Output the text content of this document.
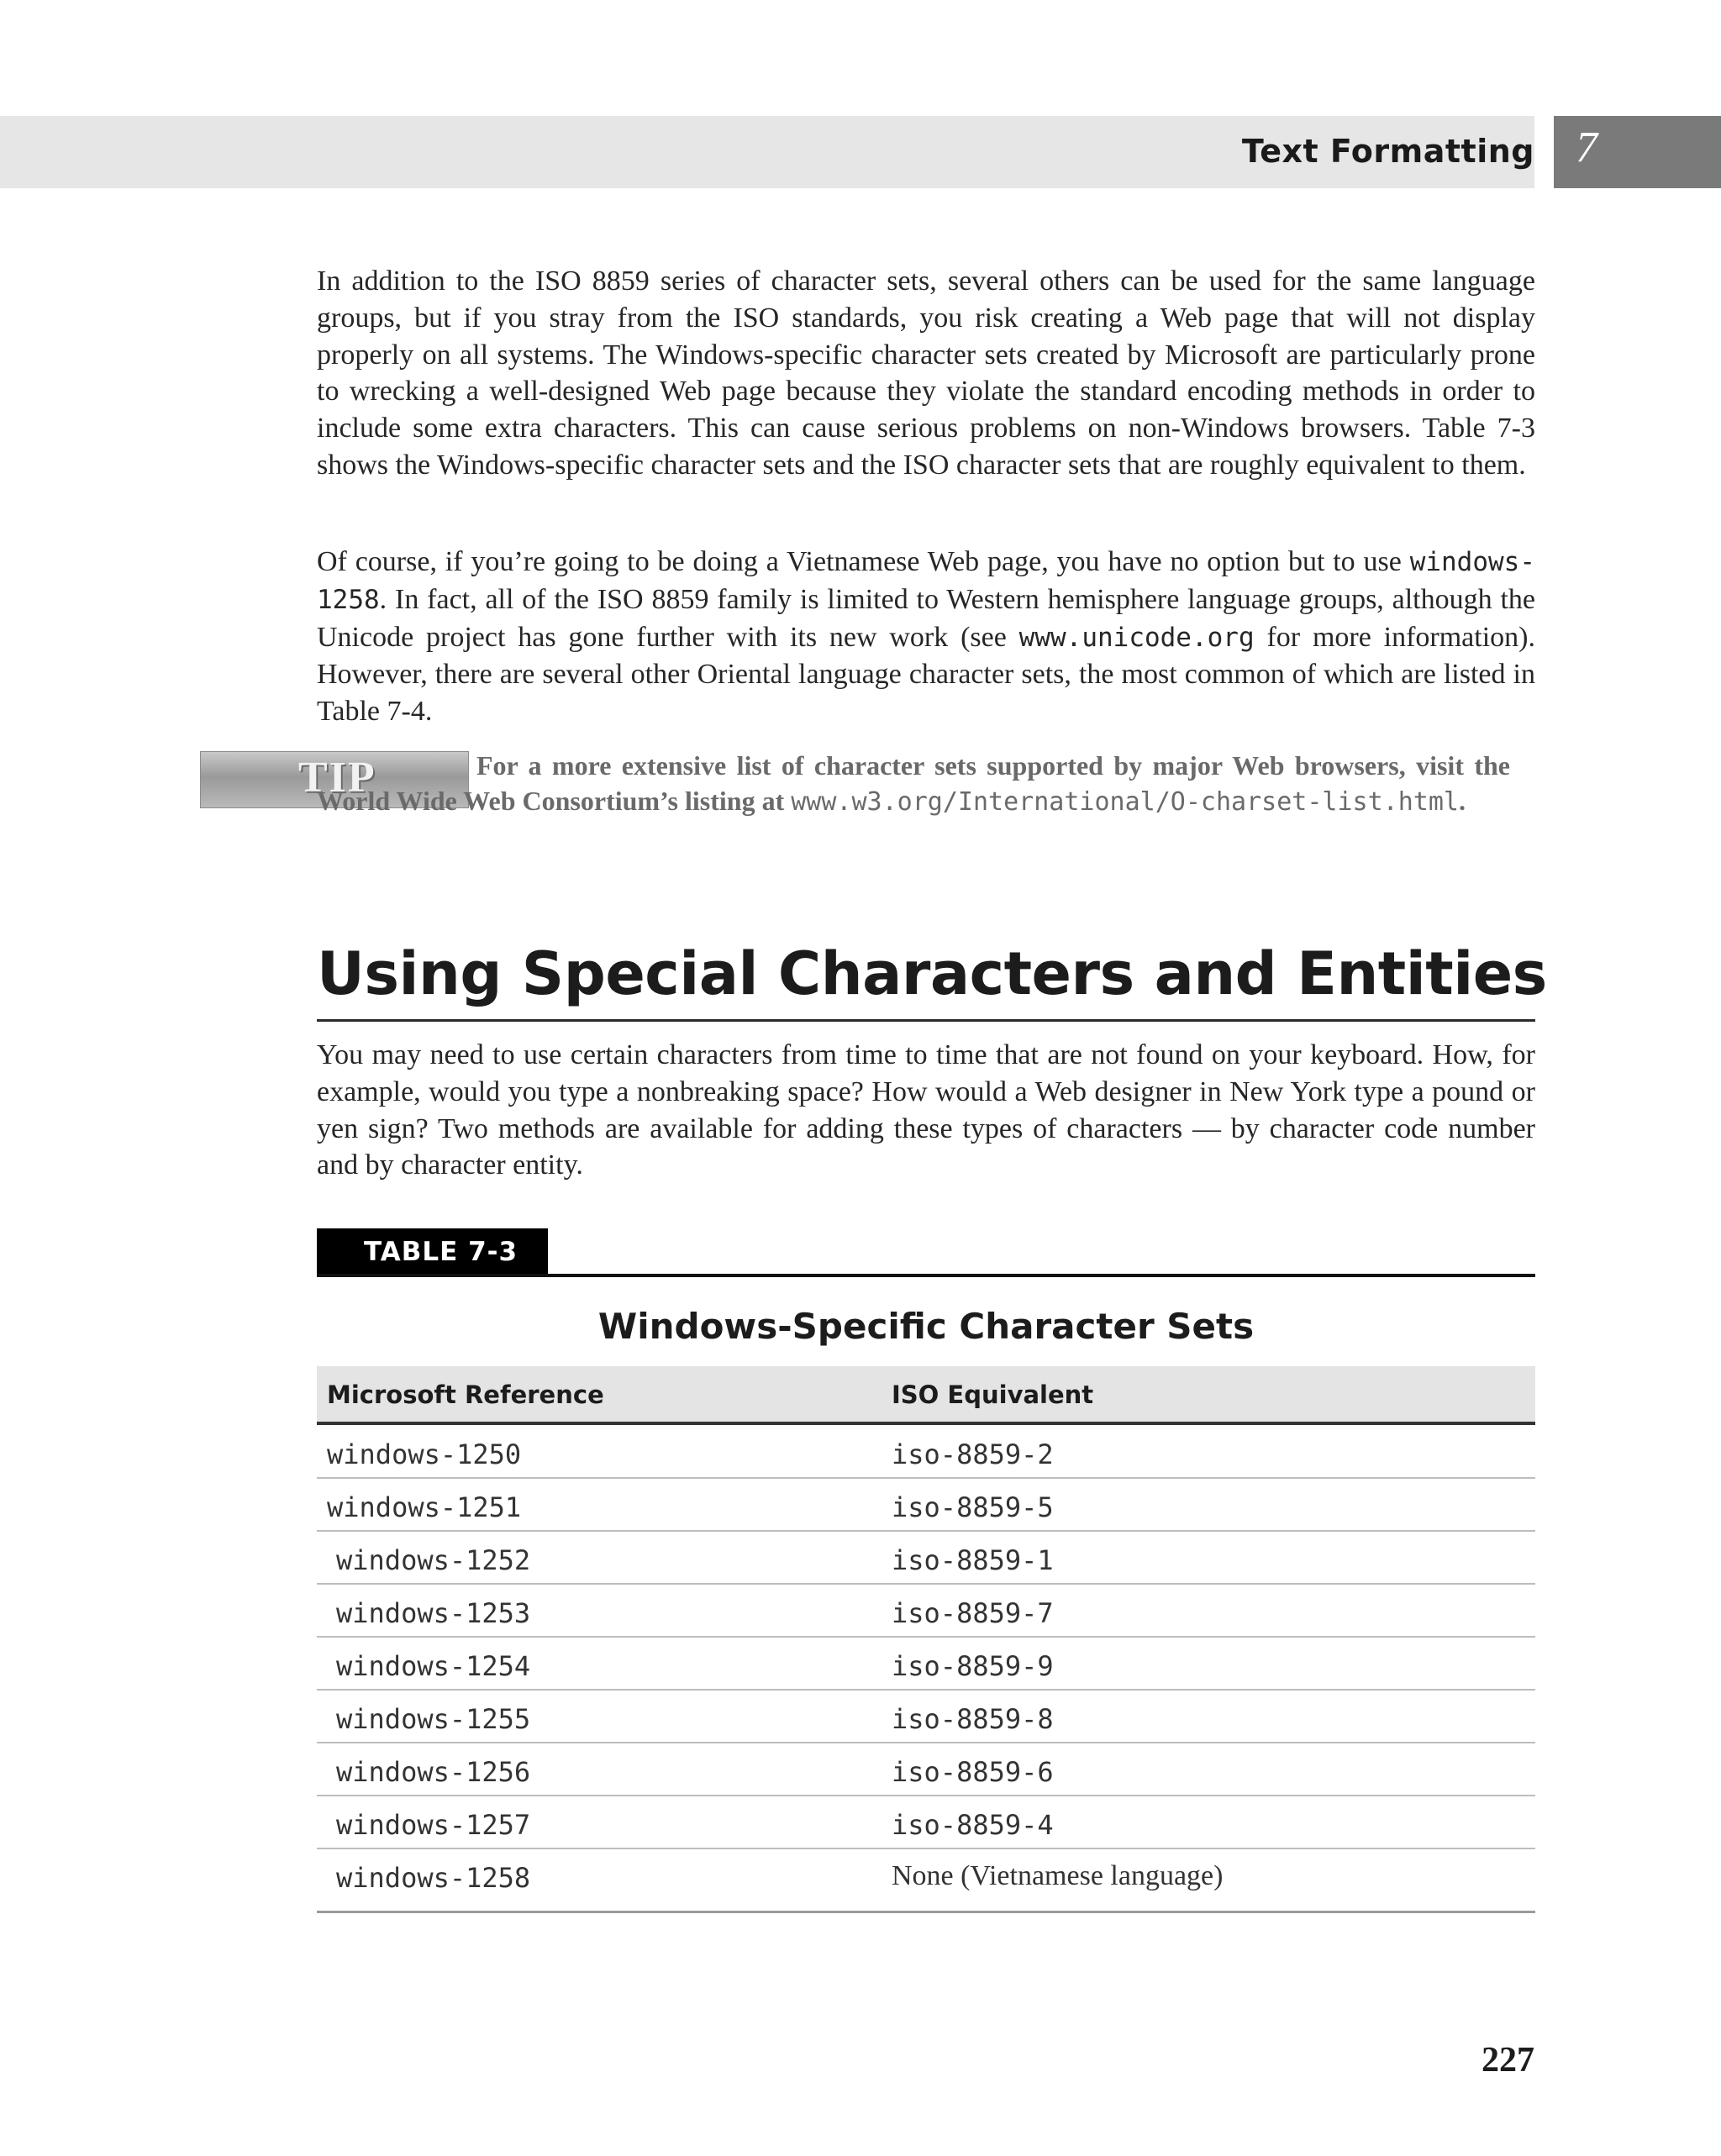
Text Formatting 7

In addition to the ISO 8859 series of character sets, several others can be used for the same language groups, but if you stray from the ISO standards, you risk creating a Web page that will not display properly on all systems. The Windows-specific character sets created by Microsoft are particularly prone to wrecking a well-designed Web page because they violate the standard encoding methods in order to include some extra characters. This can cause serious problems on non-Windows browsers. Table 7-3 shows the Windows-specific character sets and the ISO character sets that are roughly equivalent to them.

Of course, if you’re going to be doing a Vietnamese Web page, you have no option but to use windows-1258. In fact, all of the ISO 8859 family is limited to Western hemisphere language groups, although the Unicode project has gone further with its new work (see www.unicode.org for more information). However, there are several other Oriental language character sets, the most common of which are listed in Table 7-4.

TIP	For a more extensive list of character sets supported by major Web browsers, visit the World Wide Web Consortium’s listing at www.w3.org/International/O-charset-list.html.

Using Special Characters and Entities

You may need to use certain characters from time to time that are not found on your keyboard. How, for example, would you type a nonbreaking space? How would a Web designer in New York type a pound or yen sign? Two methods are available for adding these types of characters — by character code number and by character entity.

TABLE 7-3
Windows-Specific Character Sets
Microsoft Reference	ISO Equivalent
windows-1250	iso-8859-2
windows-1251	iso-8859-5
windows-1252	iso-8859-1
windows-1253	iso-8859-7
windows-1254	iso-8859-9
windows-1255	iso-8859-8
windows-1256	iso-8859-6
windows-1257	iso-8859-4
windows-1258	None (Vietnamese language)
227
